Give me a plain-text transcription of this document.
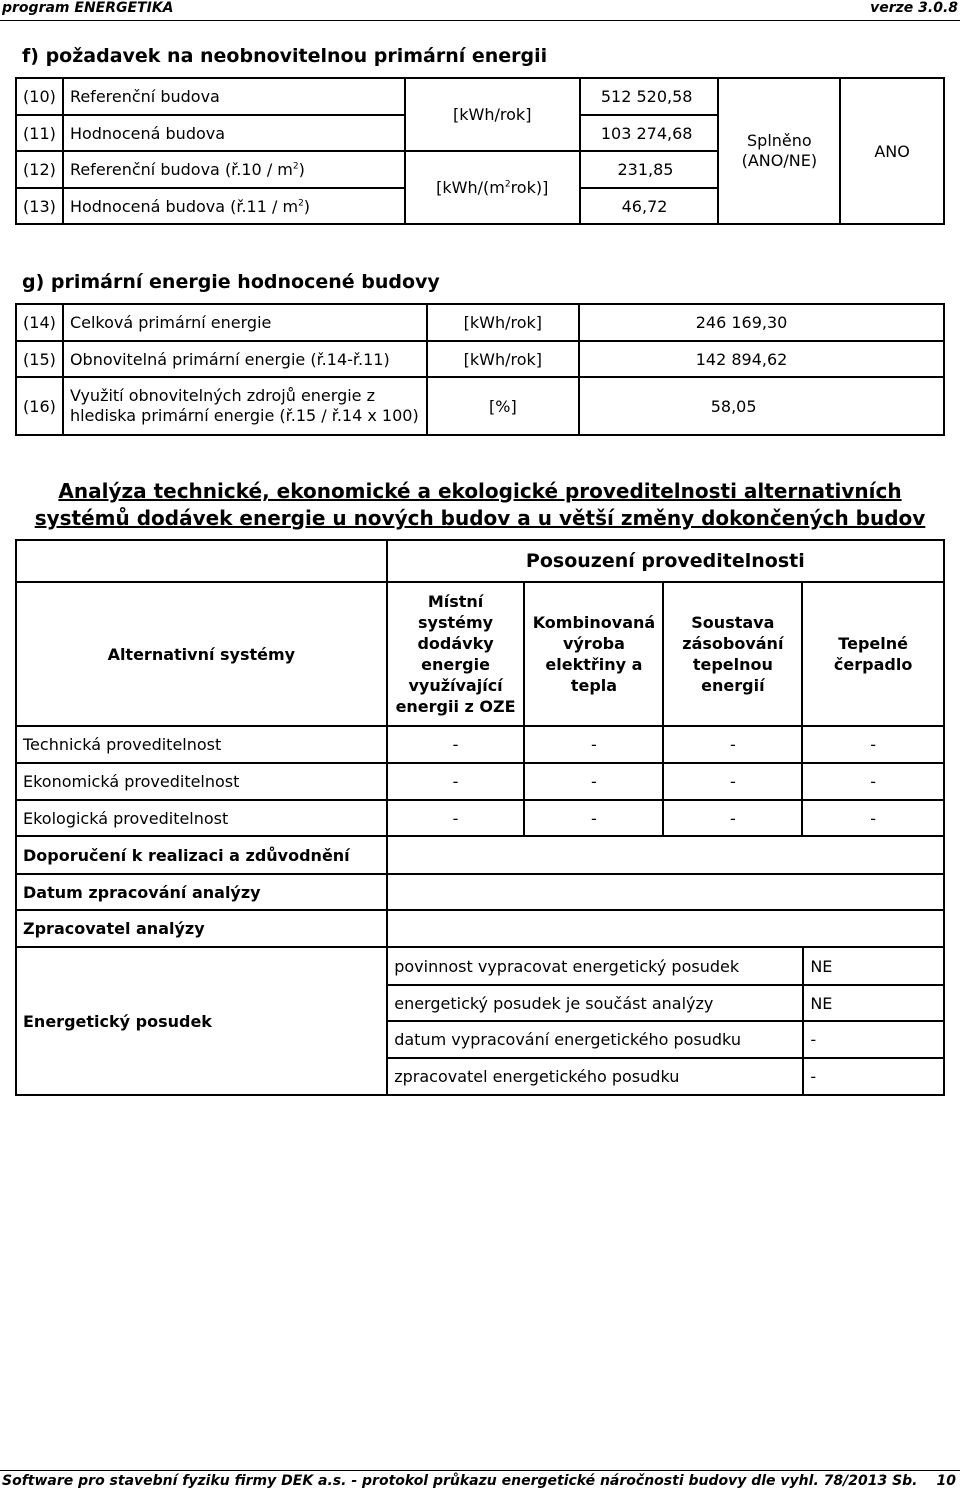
program ENERGETIKA	verze 3.0.8
f) požadavek na neobnovitelnou primární energii
(10)	Referenční budova	[kWh/rok]	512 520,58	Splněno (ANO/NE)	ANO
(11)	Hodnocená budova		103 274,68		
(12)	Referenční budova (ř.10 / $m^2$)	$[kWh/(m^2rok)]$	231,85		
(13)	Hodnocená budova (ř.11 / $m^2$)		46,72		
g) primární energie hodnocené budovy
(14)	Celková primární energie	[kWh/rok]	246 169,30
(15)	Obnovitelná primární energie (ř.14-ř.11)	[kWh/rok]	142 894,62
(16)	Využití obnovitelných zdrojů energie z hlediska primární energie (ř.15 / ř.14 x 100)	[%]	58,05
Analýza technické, ekonomické a ekologické proveditelnosti alternativních
systémů dodávek energie u nových budov a u větší změny dokončených budov
	Posouzení proveditelnosti			
Alternativní systémy	Místní systémy dodávky energie využívající energii z OZE	Kombinovaná výroba elektřiny a tepla	Soustava zásobování tepelnou energií	Tepelné čerpadlo
Technická proveditelnost	-	-	-	-
Ekonomická proveditelnost	-	-	-	-
Ekologická proveditelnost	-	-	-	-
Doporučení k realizaci a zdůvodnění				
Datum zpracování analýzy				
Zpracovatel analýzy				
Energetický posudek	povinnost vypracovat energetický posudek	NE
	energetický posudek je součást analýzy	NE
	datum vypracování energetického posudku	-
	zpracovatel energetického posudku	-
Software pro stavební fyziku firmy DEK a.s. - protokol průkazu energetické náročnosti budovy dle vyhl. 78/2013 Sb. 10
